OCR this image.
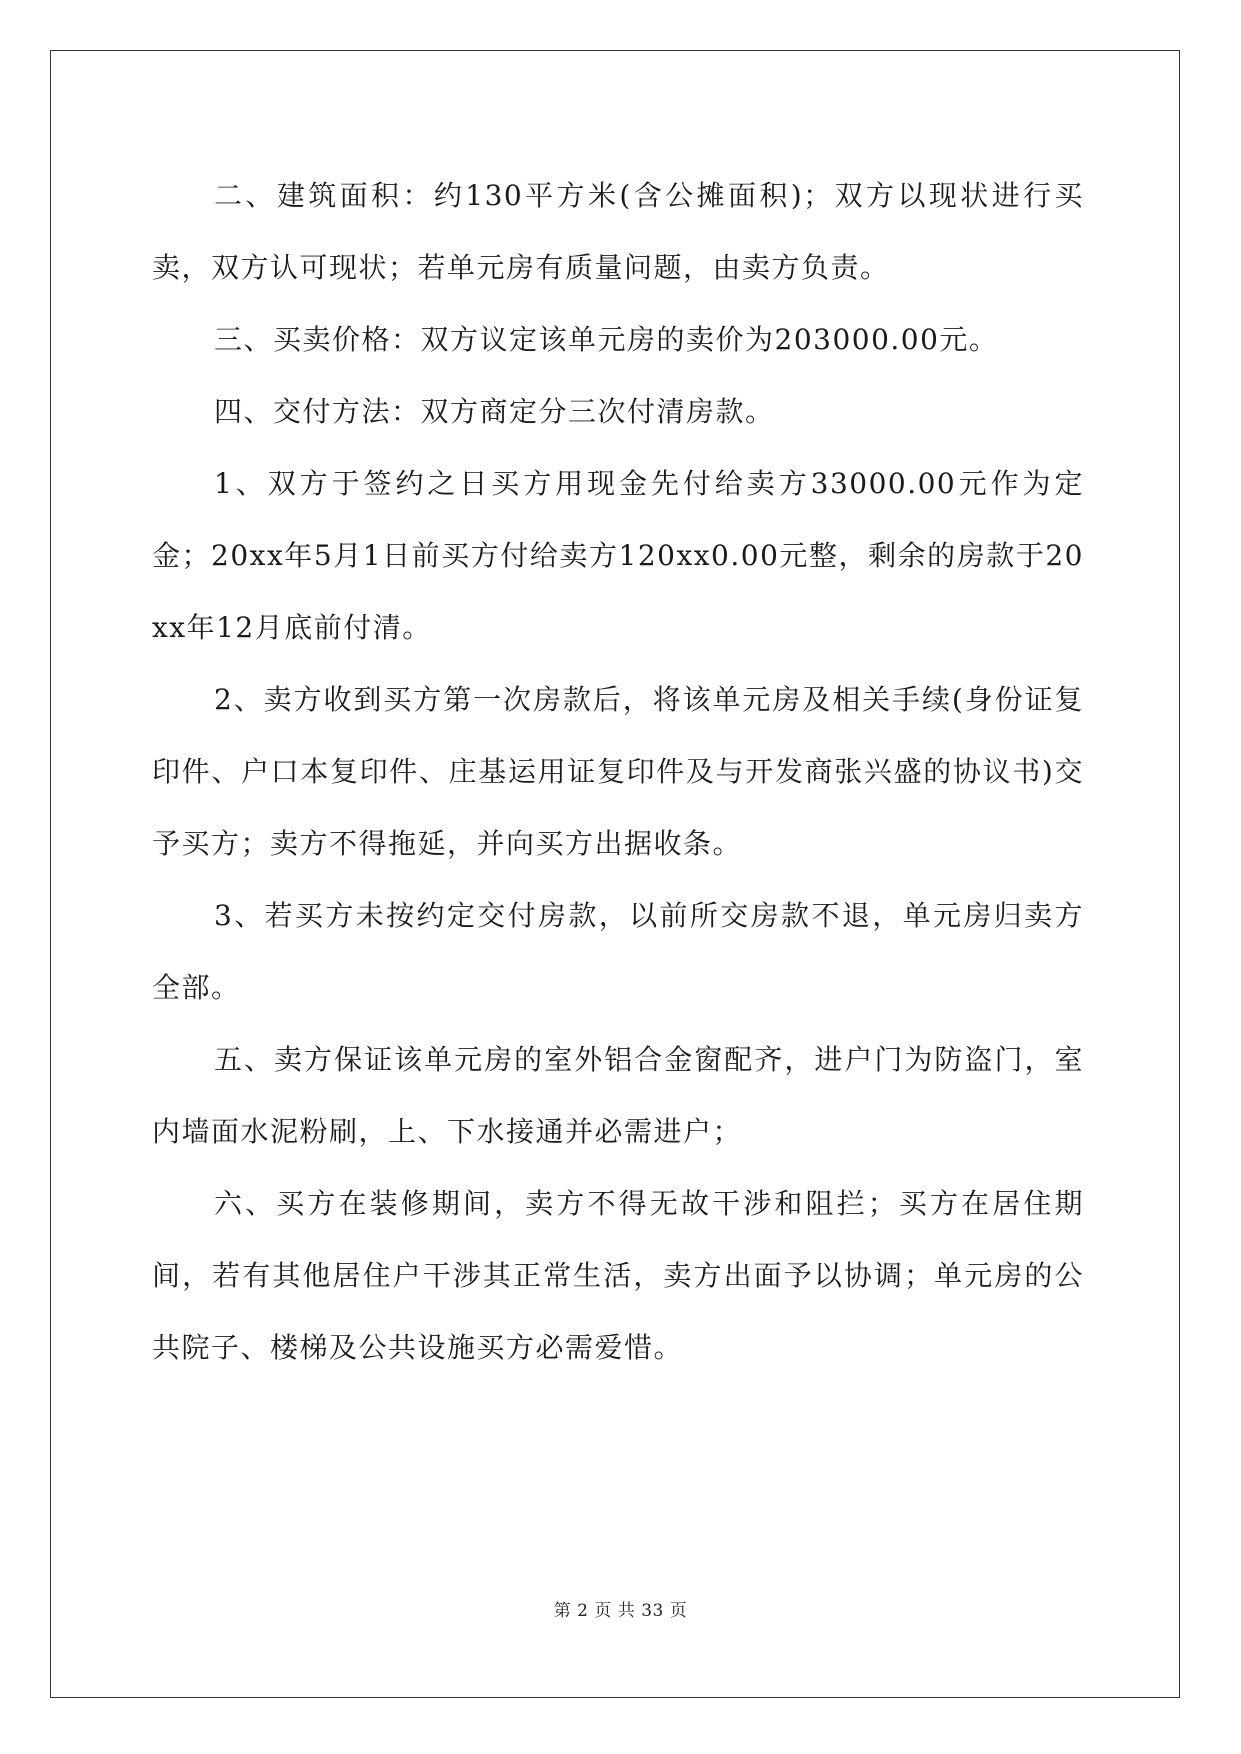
二、建筑面积：约130平方米(含公摊面积)；双方以现状进行买卖，双方认可现状；若单元房有质量问题，由卖方负责。

三、买卖价格：双方议定该单元房的卖价为203000.00元。

四、交付方法：双方商定分三次付清房款。

1、双方于签约之日买方用现金先付给卖方33000.00元作为定金；20xx年5月1日前买方付给卖方120xx0.00元整，剩余的房款于20xx年12月底前付清。

2、卖方收到买方第一次房款后，将该单元房及相关手续(身份证复印件、户口本复印件、庄基运用证复印件及与开发商张兴盛的协议书)交予买方；卖方不得拖延，并向买方出据收条。

3、若买方未按约定交付房款，以前所交房款不退，单元房归卖方全部。

五、卖方保证该单元房的室外铝合金窗配齐，进户门为防盗门，室内墙面水泥粉刷，上、下水接通并必需进户；

六、买方在装修期间，卖方不得无故干涉和阻拦；买方在居住期间，若有其他居住户干涉其正常生活，卖方出面予以协调；单元房的公共院子、楼梯及公共设施买方必需爱惜。

第 2 页 共 33 页
